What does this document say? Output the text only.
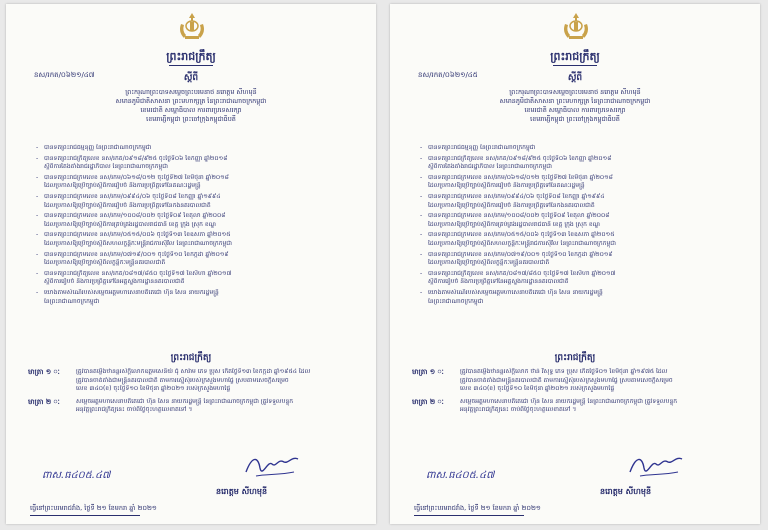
ព្រះរាជក្រឹត្យ
នស/រកត/០៦២១/៤៧	ស្ដីពី
ព្រះករុណាព្រះបាទសម្តេចព្រះបរមនាថ នរោត្តម សីហមុនី
សមានភូមិជាតិសាសនា ព្រះមហាក្សត្រ នៃព្រះរាជាណាចក្រកម្ពុជា
ខេមរជាតិ សម្ពោធិបាល ការពារប្រទេសរក្សា
ខេមរាម្សីកម្ពុជា ព្រះចៅក្រុងកម្ពុជាធិបតី
- បានទតព្រះរាជធម្មនុញ្ញ នៃព្រះរាជាណាចក្រកម្ពុជា
- បានទតព្រះរាជក្រឹត្យលេខ នស/រកត/០៩១៨/៩២៥ ចុះថ្ងៃទី០៦ ខែកញ្ញា ឆ្នាំ២០១៨
ស្តីពីការតែងតាំងរាជរដ្ឋាភិបាល នៃព្រះរាជាណាចក្រកម្ពុជា
- បានទតព្រះរាជក្រមលេខ នស/រកម/០៦១៨/០១២ ចុះថ្ងៃទី២៧ ខែមិថុនា ឆ្នាំ២០១៨
ដែលប្រកាសឱ្យប្រើច្បាប់ស្តីពីការរៀបចំ និងការប្រព្រឹត្តទៅនៃគណៈរដ្ឋមន្ត្រី
- បានទតព្រះរាជក្រមលេខ នស/រកម/០៩៩៤/០៦ ចុះថ្ងៃទី០៨ ខែកញ្ញា ឆ្នាំ១៩៩៤
ដែលប្រកាសឱ្យប្រើច្បាប់ស្តីពីការរៀបចំ និងការប្រព្រឹត្តទៅនៃកងនគរបាលជាតិ
- បានទតព្រះរាជក្រមលេខ នស/រកម/១០០៨/០០២ ចុះថ្ងៃទី០៩ ខែតុលា ឆ្នាំ២០០៨
ដែលប្រកាសឱ្យប្រើច្បាប់ស្តីពីការគ្រប់គ្រងរដ្ឋបាលរាជធានី ខេត្ត ក្រុង ស្រុក ខណ្ឌ
- បានទតព្រះរាជក្រមលេខ នស/រកម/០៥១៥/០០៦ ចុះថ្ងៃទី១៣ ខែឧសភា ឆ្នាំ២០១៥
ដែលប្រកាសឱ្យប្រើច្បាប់ស្តីពីសហលក្ខន្តិកៈមន្ត្រីរាជការស៊ីវិល នៃព្រះរាជាណាចក្រកម្ពុជា
- បានទតព្រះរាជក្រមលេខ នស/រកម/០៧១៩/០០១ ចុះថ្ងៃទី១០ ខែកក្កដា ឆ្នាំ២០១៩
ដែលប្រកាសឱ្យប្រើច្បាប់ស្តីពីលក្ខន្តិកៈមន្ត្រីនគរបាលជាតិ
- បានទតព្រះរាជក្រឹត្យលេខ នស/រកត/០៨១៧/៨៥០ ចុះថ្ងៃទី១៧ ខែសីហា ឆ្នាំ២០១៧
ស្តីពីការរៀបចំ និងការប្រព្រឹត្តទៅនៃអគ្គស្នងការដ្ឋាននគរបាលជាតិ
- យោងតាមសំណើរបស់សម្តេចអគ្គមហាសេនាបតីតេជោ ហ៊ុន សែន នាយករដ្ឋមន្ត្រី
នៃព្រះរាជាណាចក្រកម្ពុជា
ព្រះរាជក្រឹត្យ
មាត្រា ១ ៈ	ត្រូវបានតម្លើងឋានន្តរស័ក្តិលោកឧត្តមសេនីយ៍ ធុំ សារ៉ាម ភេទ ប្រុស កើតថ្ងៃទី១៣ ខែកក្កដា ឆ្នាំ១៩៥៤ ដែល
ត្រូវបានចាត់តាំងជាមន្ត្រីនគរបាលជាតិ តាមការស្នើសុំរបស់ក្រសួងមហាផ្ទៃ ស្របតាមសេចក្តីសម្រេច
លេខ ៣៤០(ខ) ចុះថ្ងៃទី១០ ខែមិថុនា ឆ្នាំ២០២១ របស់ក្រសួងមហាផ្ទៃ
មាត្រា ២ ៈ	សម្តេចអគ្គមហាសេនាបតីតេជោ ហ៊ុន សែន នាយករដ្ឋមន្ត្រី នៃព្រះរាជាណាចក្រកម្ពុជា ត្រូវទទួលបន្ទុក
អនុវត្តព្រះរាជក្រឹត្យនេះ ចាប់ពីថ្ងៃចុះហត្ថលេខាតទៅ ។
ពាស.ធ៤០៥.៤៧
នរោត្តម សីហមុនី
ធ្វើនៅព្រះបរមរាជវាំង, ថ្ងៃទី ២១ ខែមករា ឆ្នាំ ២០២១
ព្រះរាជក្រឹត្យ
នស/រកត/០៦២១/៤៥	ស្ដីពី
ព្រះករុណាព្រះបាទសម្តេចព្រះបរមនាថ នរោត្តម សីហមុនី
សមានភូមិជាតិសាសនា ព្រះមហាក្សត្រ នៃព្រះរាជាណាចក្រកម្ពុជា
ខេមរជាតិ សម្ពោធិបាល ការពារប្រទេសរក្សា
ខេមរាម្សីកម្ពុជា ព្រះចៅក្រុងកម្ពុជាធិបតី
- បានទតព្រះរាជធម្មនុញ្ញ នៃព្រះរាជាណាចក្រកម្ពុជា
- បានទតព្រះរាជក្រឹត្យលេខ នស/រកត/០៩១៨/៩២៥ ចុះថ្ងៃទី០៦ ខែកញ្ញា ឆ្នាំ២០១៨
ស្តីពីការតែងតាំងរាជរដ្ឋាភិបាល នៃព្រះរាជាណាចក្រកម្ពុជា
- បានទតព្រះរាជក្រមលេខ នស/រកម/០៦១៨/០១២ ចុះថ្ងៃទី២៧ ខែមិថុនា ឆ្នាំ២០១៨
ដែលប្រកាសឱ្យប្រើច្បាប់ស្តីពីការរៀបចំ និងការប្រព្រឹត្តទៅនៃគណៈរដ្ឋមន្ត្រី
- បានទតព្រះរាជក្រមលេខ នស/រកម/០៩៩៤/០៦ ចុះថ្ងៃទី០៨ ខែកញ្ញា ឆ្នាំ១៩៩៤
ដែលប្រកាសឱ្យប្រើច្បាប់ស្តីពីការរៀបចំ និងការប្រព្រឹត្តទៅនៃកងនគរបាលជាតិ
- បានទតព្រះរាជក្រមលេខ នស/រកម/១០០៨/០០២ ចុះថ្ងៃទី០៩ ខែតុលា ឆ្នាំ២០០៨
ដែលប្រកាសឱ្យប្រើច្បាប់ស្តីពីការគ្រប់គ្រងរដ្ឋបាលរាជធានី ខេត្ត ក្រុង ស្រុក ខណ្ឌ
- បានទតព្រះរាជក្រមលេខ នស/រកម/០៥១៥/០០៦ ចុះថ្ងៃទី១៣ ខែឧសភា ឆ្នាំ២០១៥
ដែលប្រកាសឱ្យប្រើច្បាប់ស្តីពីសហលក្ខន្តិកៈមន្ត្រីរាជការស៊ីវិល នៃព្រះរាជាណាចក្រកម្ពុជា
- បានទតព្រះរាជក្រមលេខ នស/រកម/០៧១៩/០០១ ចុះថ្ងៃទី១០ ខែកក្កដា ឆ្នាំ២០១៩
ដែលប្រកាសឱ្យប្រើច្បាប់ស្តីពីលក្ខន្តិកៈមន្ត្រីនគរបាលជាតិ
- បានទតព្រះរាជក្រឹត្យលេខ នស/រកត/០៨១៧/៨៥០ ចុះថ្ងៃទី១៧ ខែសីហា ឆ្នាំ២០១៧
ស្តីពីការរៀបចំ និងការប្រព្រឹត្តទៅនៃអគ្គស្នងការដ្ឋាននគរបាលជាតិ
- យោងតាមសំណើរបស់សម្តេចអគ្គមហាសេនាបតីតេជោ ហ៊ុន សែន នាយករដ្ឋមន្ត្រី
នៃព្រះរាជាណាចក្រកម្ពុជា
ព្រះរាជក្រឹត្យ
មាត្រា ១ ៈ	ត្រូវបានតម្លើងឋានន្តរស័ក្តិលោក ថាន់ វិសុទ្ធ ភេទ ប្រុស កើតថ្ងៃទី០១ ខែមិថុនា ឆ្នាំ១៩៧៥ ដែល
ត្រូវបានចាត់តាំងជាមន្ត្រីនគរបាលជាតិ តាមការស្នើសុំរបស់ក្រសួងមហាផ្ទៃ ស្របតាមសេចក្តីសម្រេច
លេខ ៣៤០(ខ) ចុះថ្ងៃទី១០ ខែមិថុនា ឆ្នាំ២០២១ របស់ក្រសួងមហាផ្ទៃ
មាត្រា ២ ៈ	សម្តេចអគ្គមហាសេនាបតីតេជោ ហ៊ុន សែន នាយករដ្ឋមន្ត្រី នៃព្រះរាជាណាចក្រកម្ពុជា ត្រូវទទួលបន្ទុក
អនុវត្តព្រះរាជក្រឹត្យនេះ ចាប់ពីថ្ងៃចុះហត្ថលេខាតទៅ ។
ពាស.ធ៤០៥.៤៧
នរោត្តម សីហមុនី
ធ្វើនៅព្រះបរមរាជវាំង, ថ្ងៃទី ២១ ខែមករា ឆ្នាំ ២០២១
